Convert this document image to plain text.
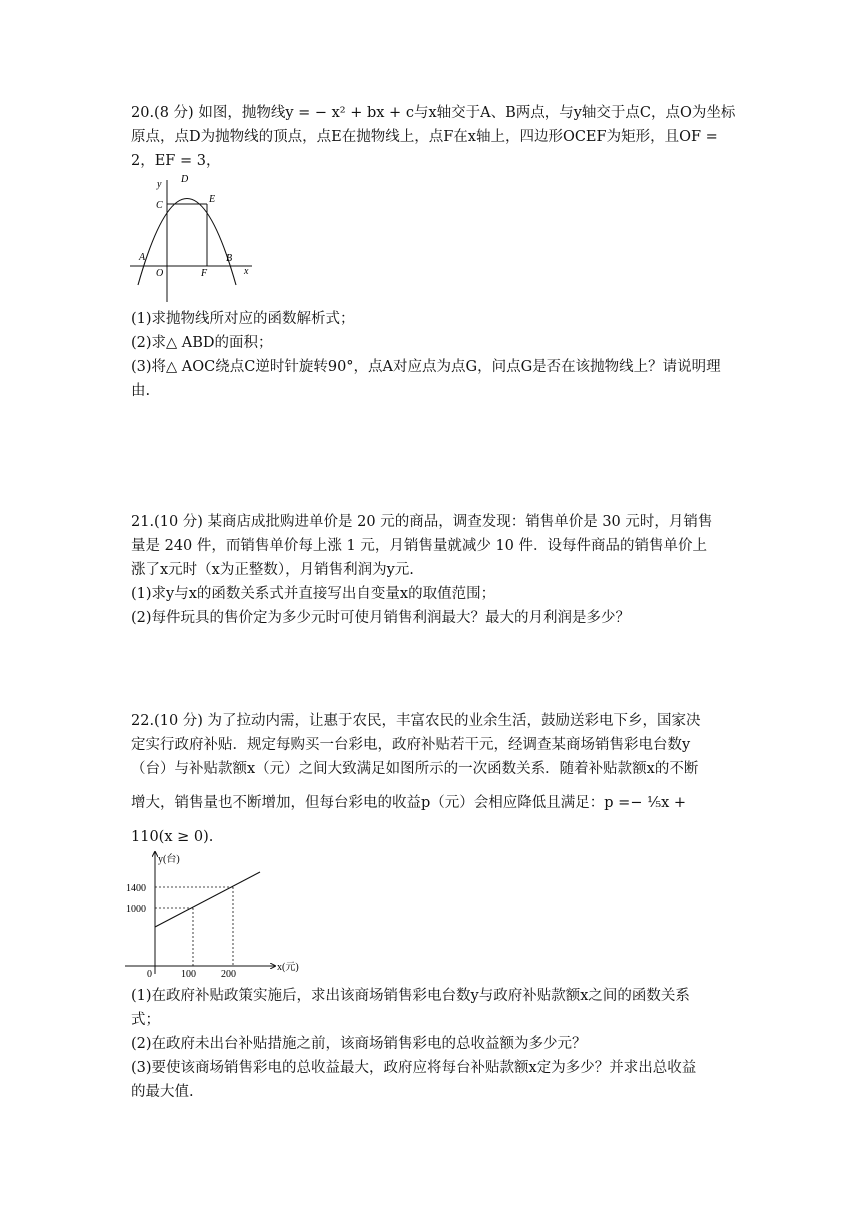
20.(8 分) 如图，抛物线y = − x² + bx + c与x轴交于A、B两点，与y轴交于点C，点O为坐标
原点，点D为抛物线的顶点，点E在抛物线上，点F在x轴上，四边形OCEF为矩形，且OF =
2，EF = 3，
y D
C
E
A	B
O	F	x
(1)求抛物线所对应的函数解析式；
(2)求△ ABD的面积；
(3)将△ AOC绕点C逆时针旋转90°，点A对应点为点G，问点G是否在该抛物线上？请说明理
由.
21.(10 分) 某商店成批购进单价是 20 元的商品，调查发现：销售单价是 30 元时，月销售
量是 240 件，而销售单价每上涨 1 元，月销售量就减少 10 件．设每件商品的销售单价上
涨了x元时（x为正整数），月销售利润为y元.
(1)求y与x的函数关系式并直接写出自变量x的取值范围；
(2)每件玩具的售价定为多少元时可使月销售利润最大？最大的月利润是多少？
22.(10 分) 为了拉动内需，让惠于农民，丰富农民的业余生活，鼓励送彩电下乡，国家决
定实行政府补贴．规定每购买一台彩电，政府补贴若干元，经调查某商场销售彩电台数y
（台）与补贴款额x（元）之间大致满足如图所示的一次函数关系．随着补贴款额x的不断
增大，销售量也不断增加，但每台彩电的收益p（元）会相应降低且满足：p =− ⅕x +
110(x ≥ 0).
y(台)
1400
1000
0	100	200
x(元)
(1)在政府补贴政策实施后，求出该商场销售彩电台数y与政府补贴款额x之间的函数关系
式；
(2)在政府未出台补贴措施之前，该商场销售彩电的总收益额为多少元？
(3)要使该商场销售彩电的总收益最大，政府应将每台补贴款额x定为多少？并求出总收益
的最大值.
